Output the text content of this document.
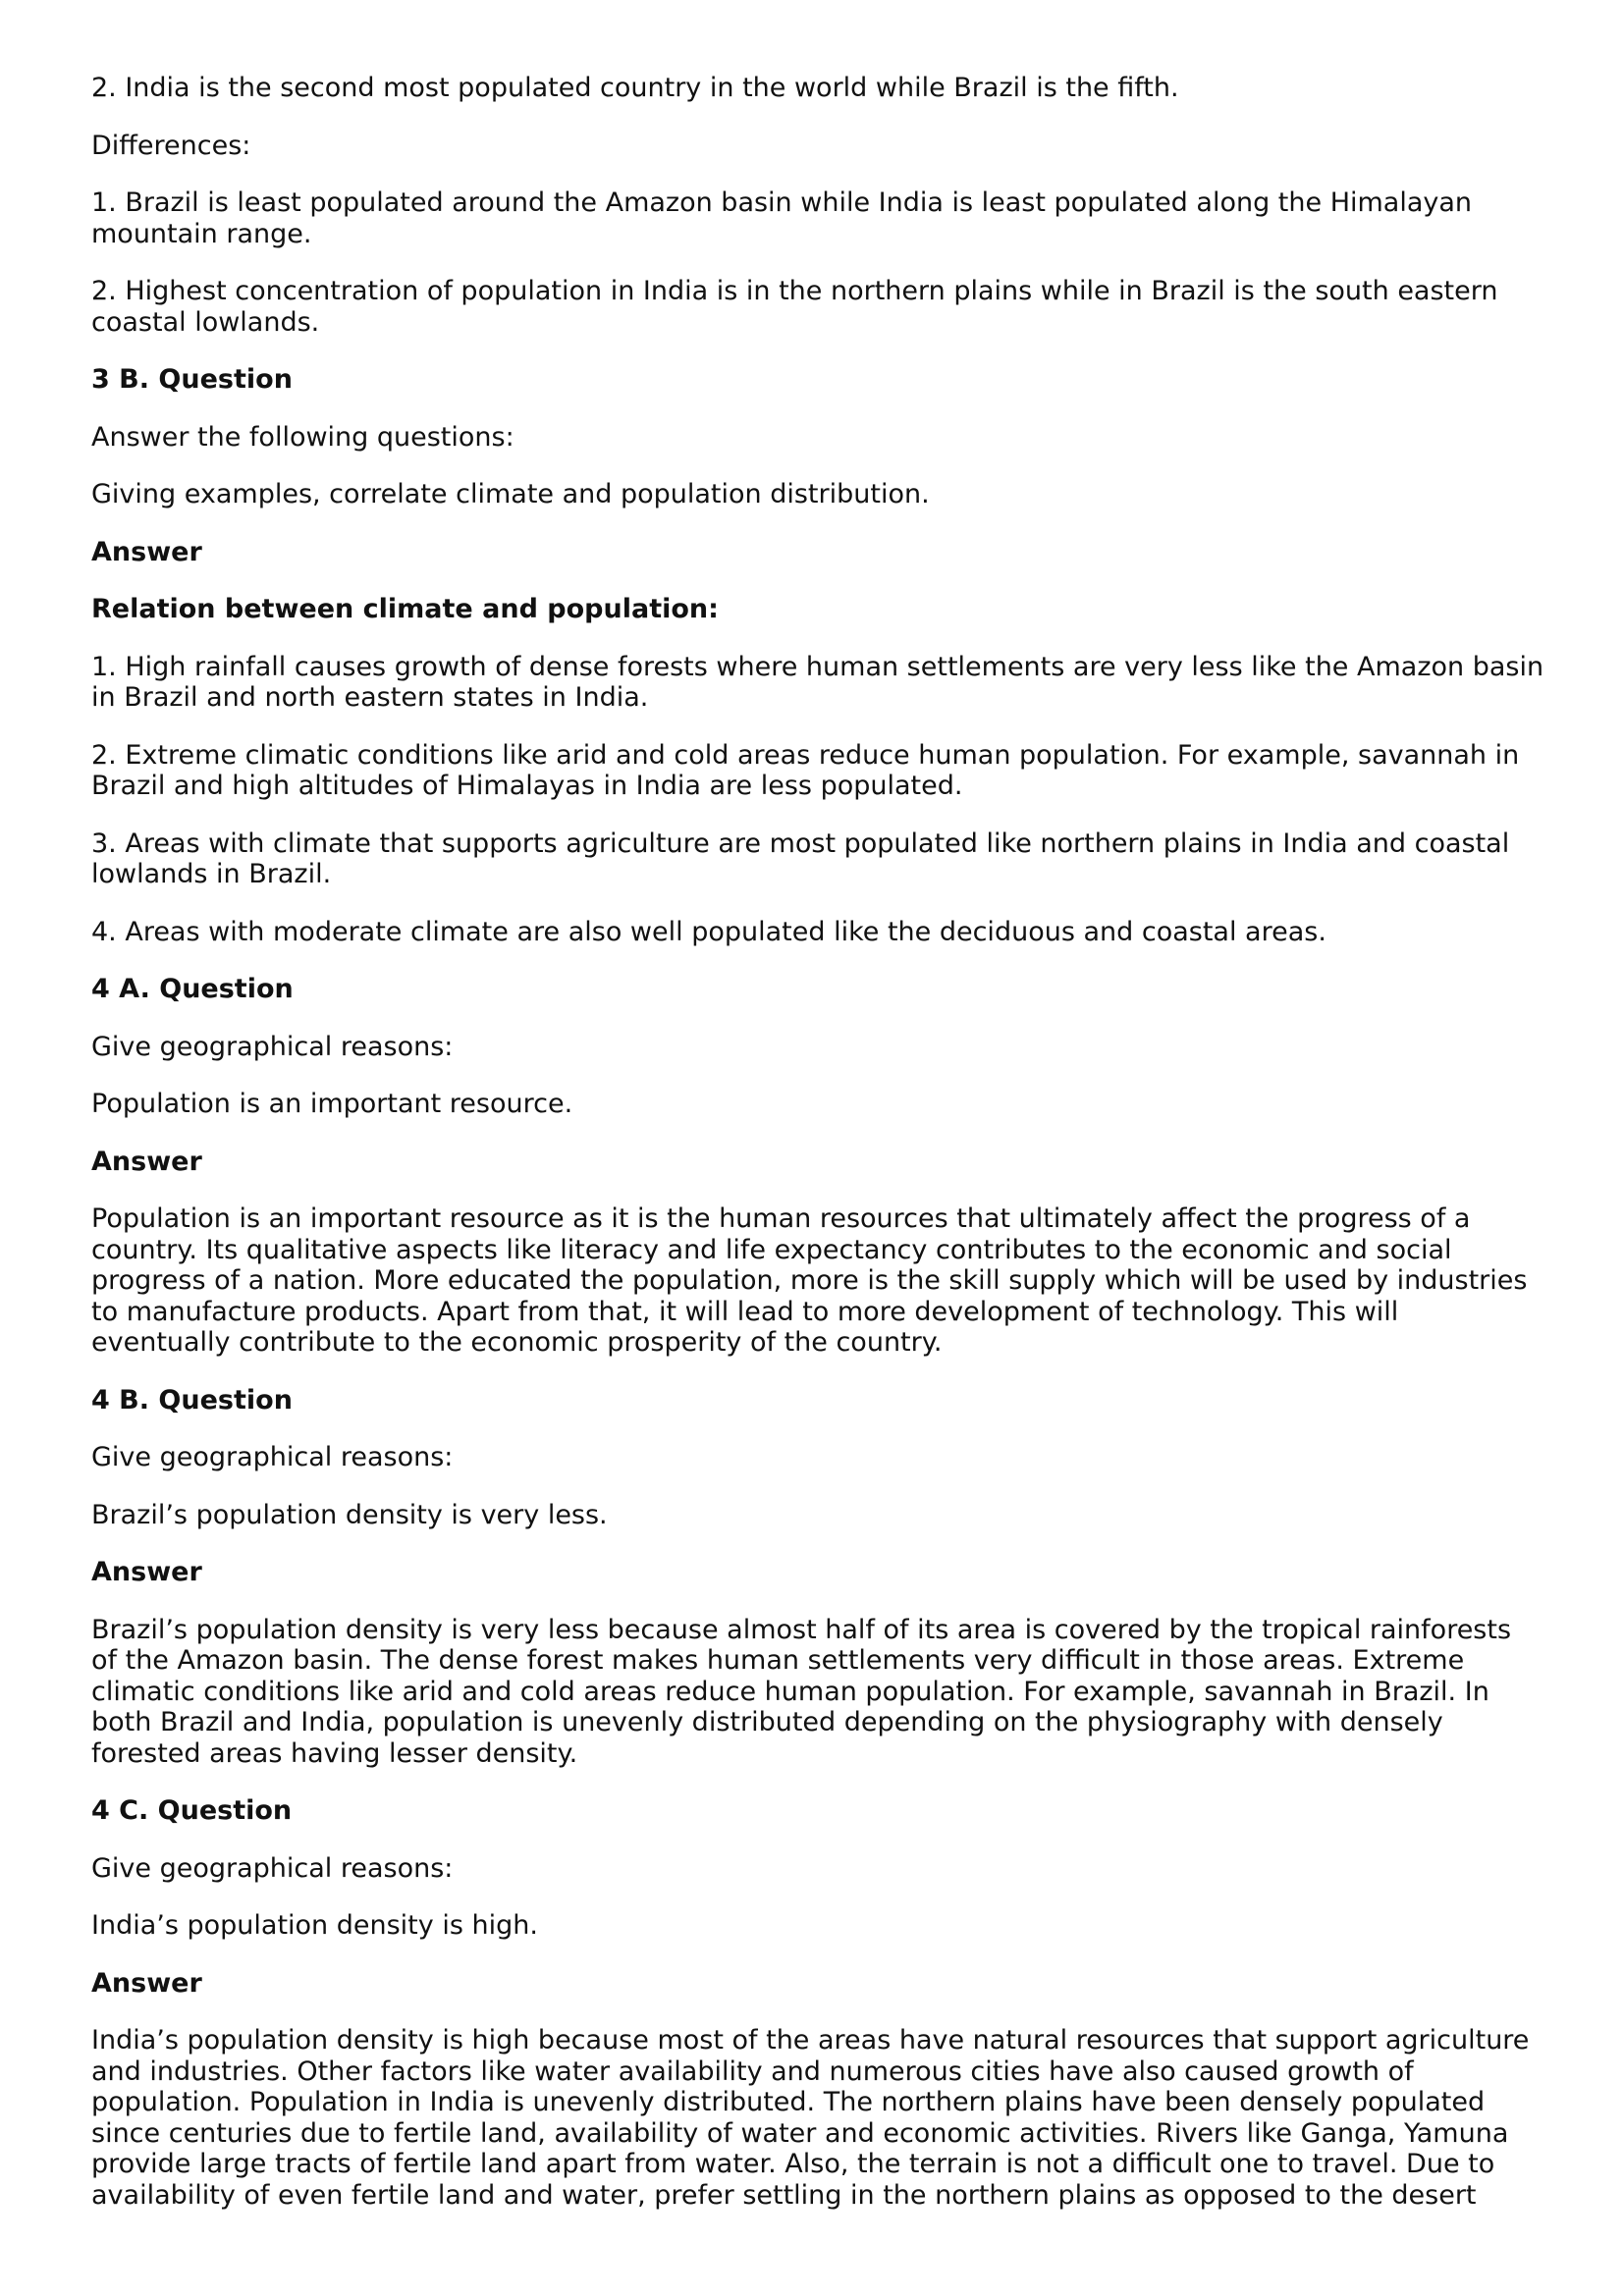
2. India is the second most populated country in the world while Brazil is the fifth.

Differences:

1. Brazil is least populated around the Amazon basin while India is least populated along the Himalayan mountain range.

2. Highest concentration of population in India is in the northern plains while in Brazil is the south eastern coastal lowlands.

3 B. Question

Answer the following questions:

Giving examples, correlate climate and population distribution.

Answer

Relation between climate and population:

1. High rainfall causes growth of dense forests where human settlements are very less like the Amazon basin in Brazil and north eastern states in India.

2. Extreme climatic conditions like arid and cold areas reduce human population. For example, savannah in Brazil and high altitudes of Himalayas in India are less populated.

3. Areas with climate that supports agriculture are most populated like northern plains in India and coastal lowlands in Brazil.

4. Areas with moderate climate are also well populated like the deciduous and coastal areas.

4 A. Question

Give geographical reasons:

Population is an important resource.

Answer

Population is an important resource as it is the human resources that ultimately affect the progress of a country. Its qualitative aspects like literacy and life expectancy contributes to the economic and social progress of a nation. More educated the population, more is the skill supply which will be used by industries to manufacture products. Apart from that, it will lead to more development of technology. This will eventually contribute to the economic prosperity of the country.

4 B. Question

Give geographical reasons:

Brazil’s population density is very less.

Answer

Brazil’s population density is very less because almost half of its area is covered by the tropical rainforests of the Amazon basin. The dense forest makes human settlements very difficult in those areas. Extreme climatic conditions like arid and cold areas reduce human population. For example, savannah in Brazil. In both Brazil and India, population is unevenly distributed depending on the physiography with densely forested areas having lesser density.

4 C. Question

Give geographical reasons:

India’s population density is high.

Answer

India’s population density is high because most of the areas have natural resources that support agriculture and industries. Other factors like water availability and numerous cities have also caused growth of population. Population in India is unevenly distributed. The northern plains have been densely populated since centuries due to fertile land, availability of water and economic activities. Rivers like Ganga, Yamuna provide large tracts of fertile land apart from water. Also, the terrain is not a difficult one to travel. Due to availability of even fertile land and water, prefer settling in the northern plains as opposed to the desert
